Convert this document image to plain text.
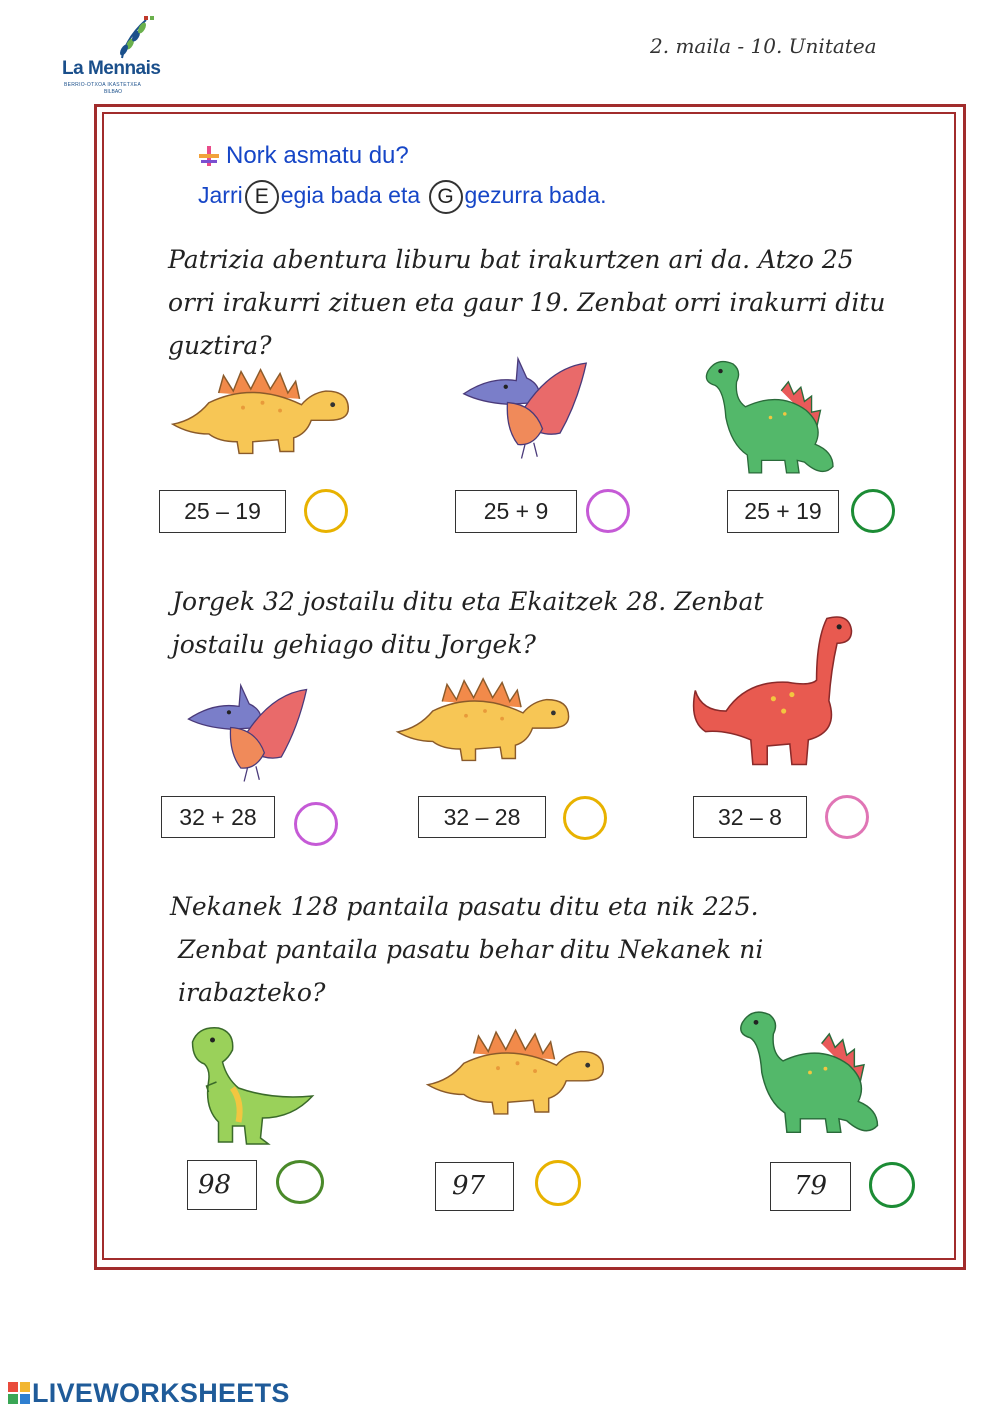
La Mennais
BERRIO-OTXOA IKASTETXEA
BILBAO
2. maila - 10. Unitatea
Nork asmatu du?
Jarri E egia bada eta G gezurra bada.
Patrizia abentura liburu bat irakurtzen ari da. Atzo 25
orri irakurri zituen eta gaur 19. Zenbat orri irakurri ditu
guztira?
25 – 19	25 + 9	25 + 19
Jorgek 32 jostailu ditu eta Ekaitzek 28. Zenbat
jostailu gehiago ditu Jorgek?
32 + 28	32 – 28	32 – 8
Nekanek 128 pantaila pasatu ditu eta nik 225.
Zenbat pantaila pasatu behar ditu Nekanek ni
irabazteko?
98	97	79
LIVEWORKSHEETS
